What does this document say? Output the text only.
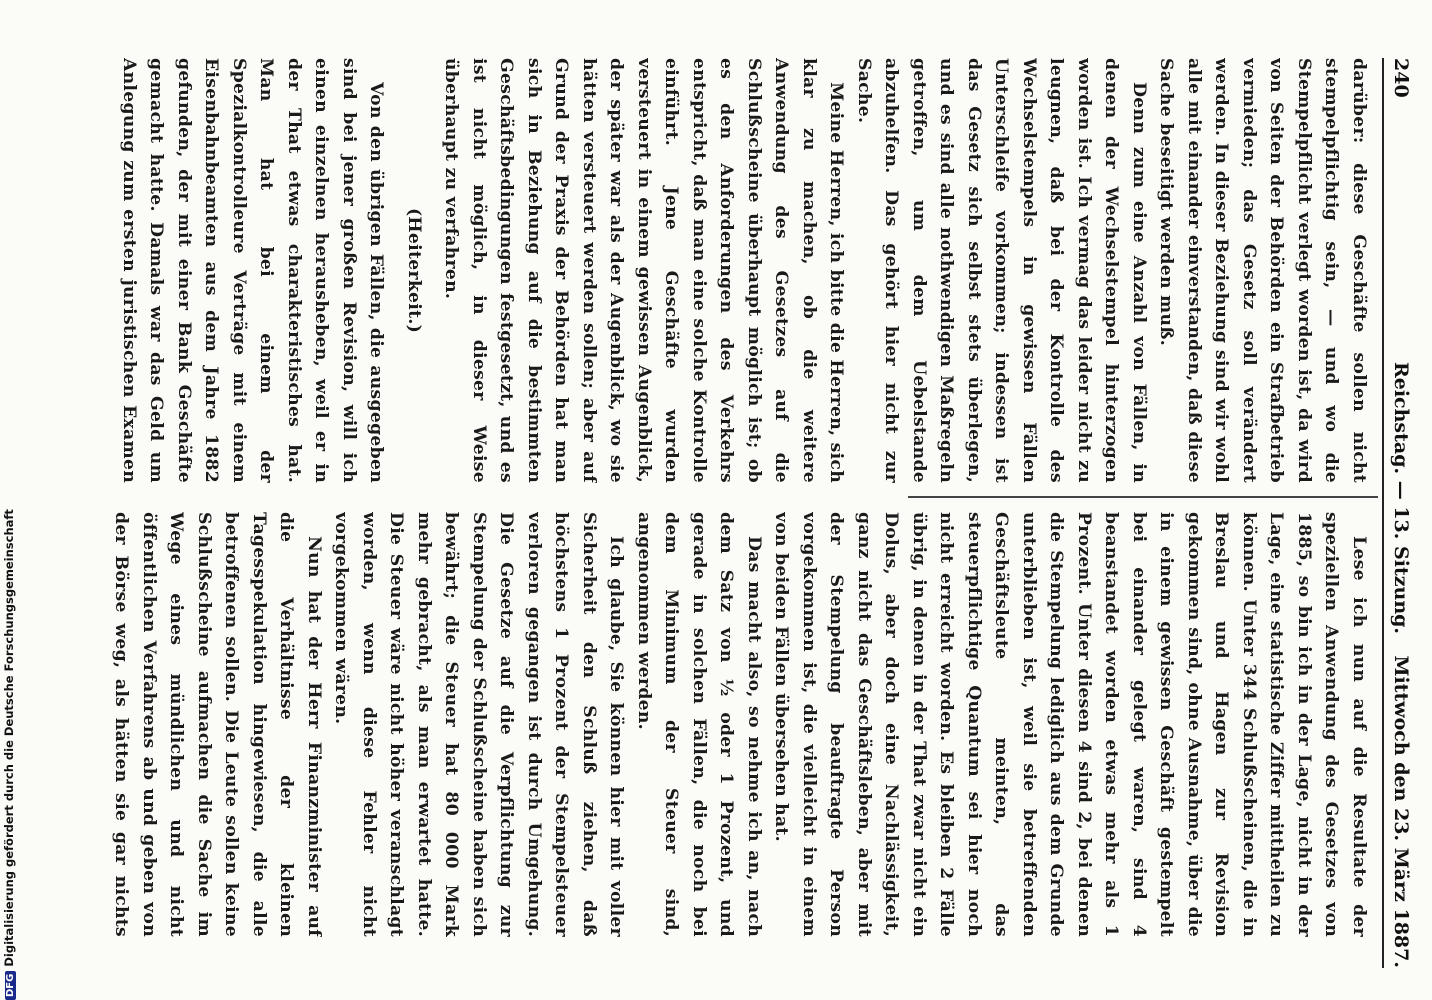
240
Reichstag. — 13. Sitzung.
Mittwoch den 23. März 1887.

darüber: diese Geschäfte sollen nicht stempelpflichtig sein, — und wo die Stempelpflicht verlegt worden ist, da wird von Seiten der Behörden ein Strafbetrieb vermieden; das Gesetz soll verändert werden. In dieser Beziehung sind wir wohl alle mit einander einverstanden, daß diese Sache beseitigt werden muß.

Denn zum eine Anzahl von Fällen, in denen der Wechselstempel hinterzogen worden ist. Ich vermag das leider nicht zu leugnen, daß bei der Kontrolle des Wechselstempels in gewissen Fällen Unterschleife vorkommen; indessen ist das Gesetz sich selbst stets überlegen, und es sind alle nothwendigen Maßregeln getroffen, um dem Uebelstande abzuhelfen. Das gehört hier nicht zur Sache.

Meine Herren, ich bitte die Herren, sich klar zu machen, ob die weitere Anwendung des Gesetzes auf die Schlußscheine überhaupt möglich ist; ob es den Anforderungen des Verkehrs entspricht, daß man eine solche Kontrolle einführt. Jene Geschäfte wurden versteuert in einem gewissen Augenblick, der später war als der Augenblick, wo sie hätten versteuert werden sollen; aber auf Grund der Praxis der Behörden hat man sich in Beziehung auf die bestimmten Geschäftsbedingungen festgesetzt, und es ist nicht möglich, in dieser Weise überhaupt zu verfahren.

(Heiterkeit.)

Von den übrigen Fällen, die ausgegeben sind bei jener großen Revision, will ich einen einzelnen herausheben, weil er in der That etwas charakteristisches hat. Man hat bei einem der Spezialkontrolleure Verträge mit einem Eisenbahnbeamten aus dem Jahre 1882 gefunden, der mit einer Bank Geschäfte gemacht hatte. Damals war das Geld um Anlegung zum ersten juristischen Examen

Lese ich nun auf die Resultate der speziellen Anwendung des Gesetzes von 1885, so bin ich in der Lage, nicht in der Lage, eine statistische Ziffer mittheilen zu können. Unter 344 Schlußscheinen, die in Breslau und Hagen zur Revision gekommen sind, ohne Ausnahme, über die in einem gewissen Geschäft gestempelt bei einander gelegt waren, sind 4 beanstandet worden etwas mehr als 1 Prozent. Unter diesen 4 sind 2, bei denen die Stempelung lediglich aus dem Grunde unterblieben ist, weil sie betreffenden Geschäftsleute meinten, das steuerpflichtige Quantum sei hier noch nicht erreicht worden. Es bleiben 2 Fälle übrig, in denen in der That zwar nicht ein Dolus, aber doch eine Nachlässigkeit, ganz nicht das Geschäftsleben, aber mit der Stempelung beauftragte Person vorgekommen ist, die vielleicht in einem von beiden Fällen übersehen hat.

Das macht also, so nehme ich an, nach dem Satz von ½ oder 1 Prozent, und gerade in solchen Fällen, die noch bei dem Minimum der Steuer sind, angenommen werden.

Ich glaube, Sie können hier mit voller Sicherheit den Schluß ziehen, daß höchstens 1 Prozent der Stempelsteuer verloren gegangen ist durch Umgehung. Die Gesetze auf die Verpflichtung zur Stempelung der Schlußscheine haben sich bewährt; die Steuer hat 80 000 Mark mehr gebracht, als man erwartet hatte. Die Steuer wäre nicht höher veranschlagt worden, wenn diese Fehler nicht vorgekommen wären.

Nun hat der Herr Finanzminister auf die Verhältnisse der kleinen Tagesspekulation hingewiesen, die alle betroffenen sollen. Die Leute sollen keine Schlußscheine aufmachen die Sache im Wege eines mündlichen und nicht öffentlichen Verfahrens ab und geben von der Börse weg, als hätten sie gar nichts

DFGDigitalisierung gefördert durch die Deutsche Forschungsgemeinschaft
